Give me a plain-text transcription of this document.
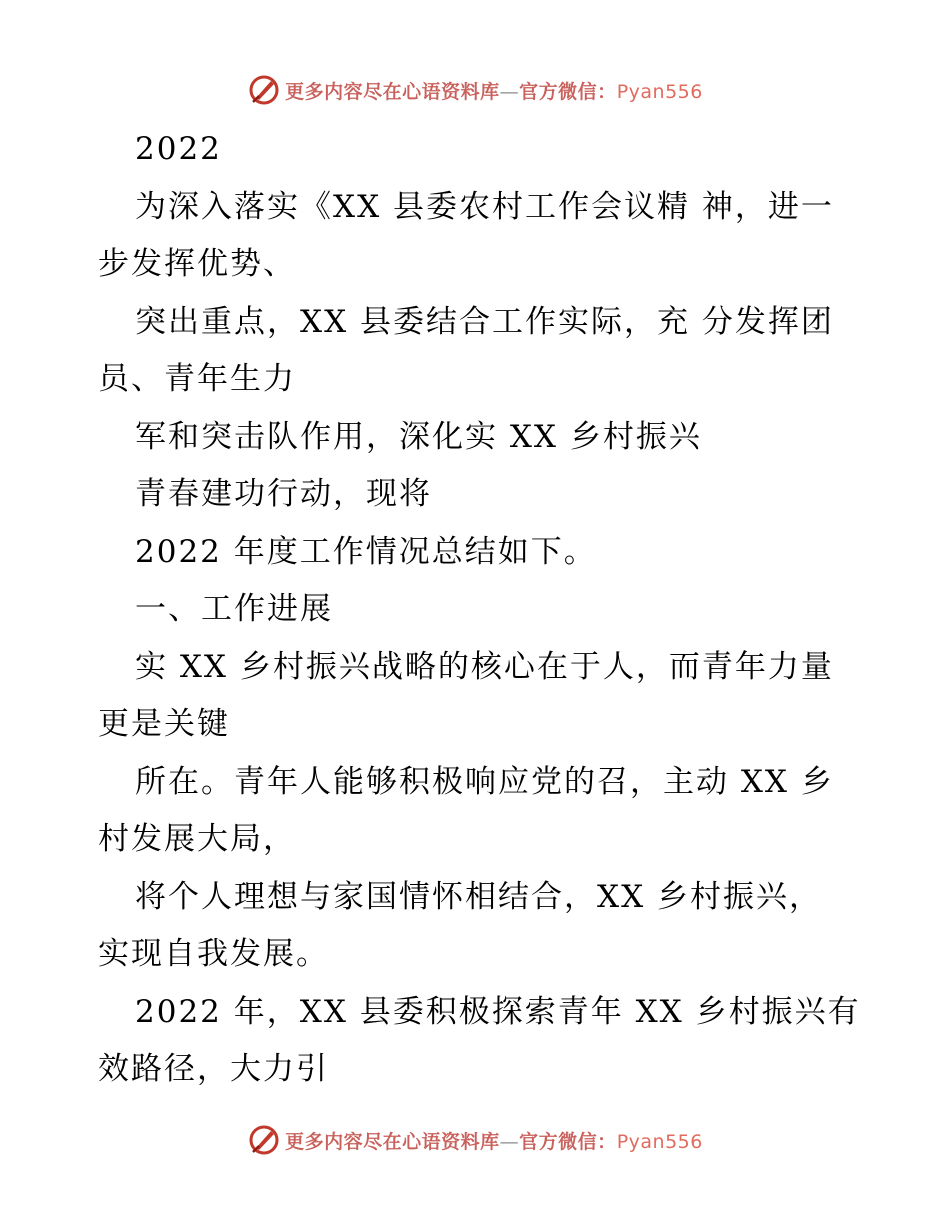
更多内容尽在心语资料库—官方微信：Pyan556
2022
为深入落实《XX 县委农村工作会议精 神，进一
步发挥优势、
突出重点，XX 县委结合工作实际，充 分发挥团
员、青年生力
军和突击队作用，深化实 XX 乡村振兴
青春建功行动，现将
2022 年度工作情况总结如下。
一、工作进展
实 XX 乡村振兴战略的核心在于人，而青年力量
更是关键
所在。青年人能够积极响应党的召，主动 XX 乡
村发展大局，
将个人理想与家国情怀相结合，XX 乡村振兴，
实现自我发展。
2022 年，XX 县委积极探索青年 XX 乡村振兴有
效路径，大力引
更多内容尽在心语资料库—官方微信：Pyan556
